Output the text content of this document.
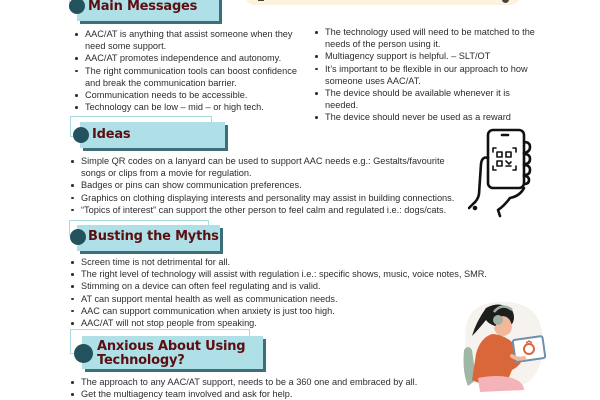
Main Messages
AAC/AT is anything that assist someone when they need some support.
AAC/AT promotes independence and autonomy.
The right communication tools can boost confidence and break the communication barrier.
Communication needs to be accessible.
Technology can be low – mid – or high tech.
The technology used will need to be matched to the needs of the person using it.
Multiagency support is helpful. – SLT/OT
It’s important to be flexible in our approach to how someone uses AAC/AT.
The device should be available whenever it is needed.
The device should never be used as a reward
Ideas
Simple QR codes on a lanyard can be used to support AAC needs e.g.: Gestalts/favourite songs or clips from a movie for regulation.
Badges or pins can show communication preferences.
Graphics on clothing displaying interests and personality may assist in building connections.
“Topics of interest” can support the other person to feel calm and regulated i.e.: dogs/cats.
Busting the Myths
Screen time is not detrimental for all.
The right level of technology will assist with regulation i.e.: specific shows, music, voice notes, SMR.
Stimming on a device can often feel regulating and is valid.
AT can support mental health as well as communication needs.
AAC can support communication when anxiety is just too high.
AAC/AT will not stop people from speaking.
Anxious About Using
Technology?
The approach to any AAC/AT support, needs to be a 360 one and embraced by all.
Get the multiagency team involved and ask for help.
